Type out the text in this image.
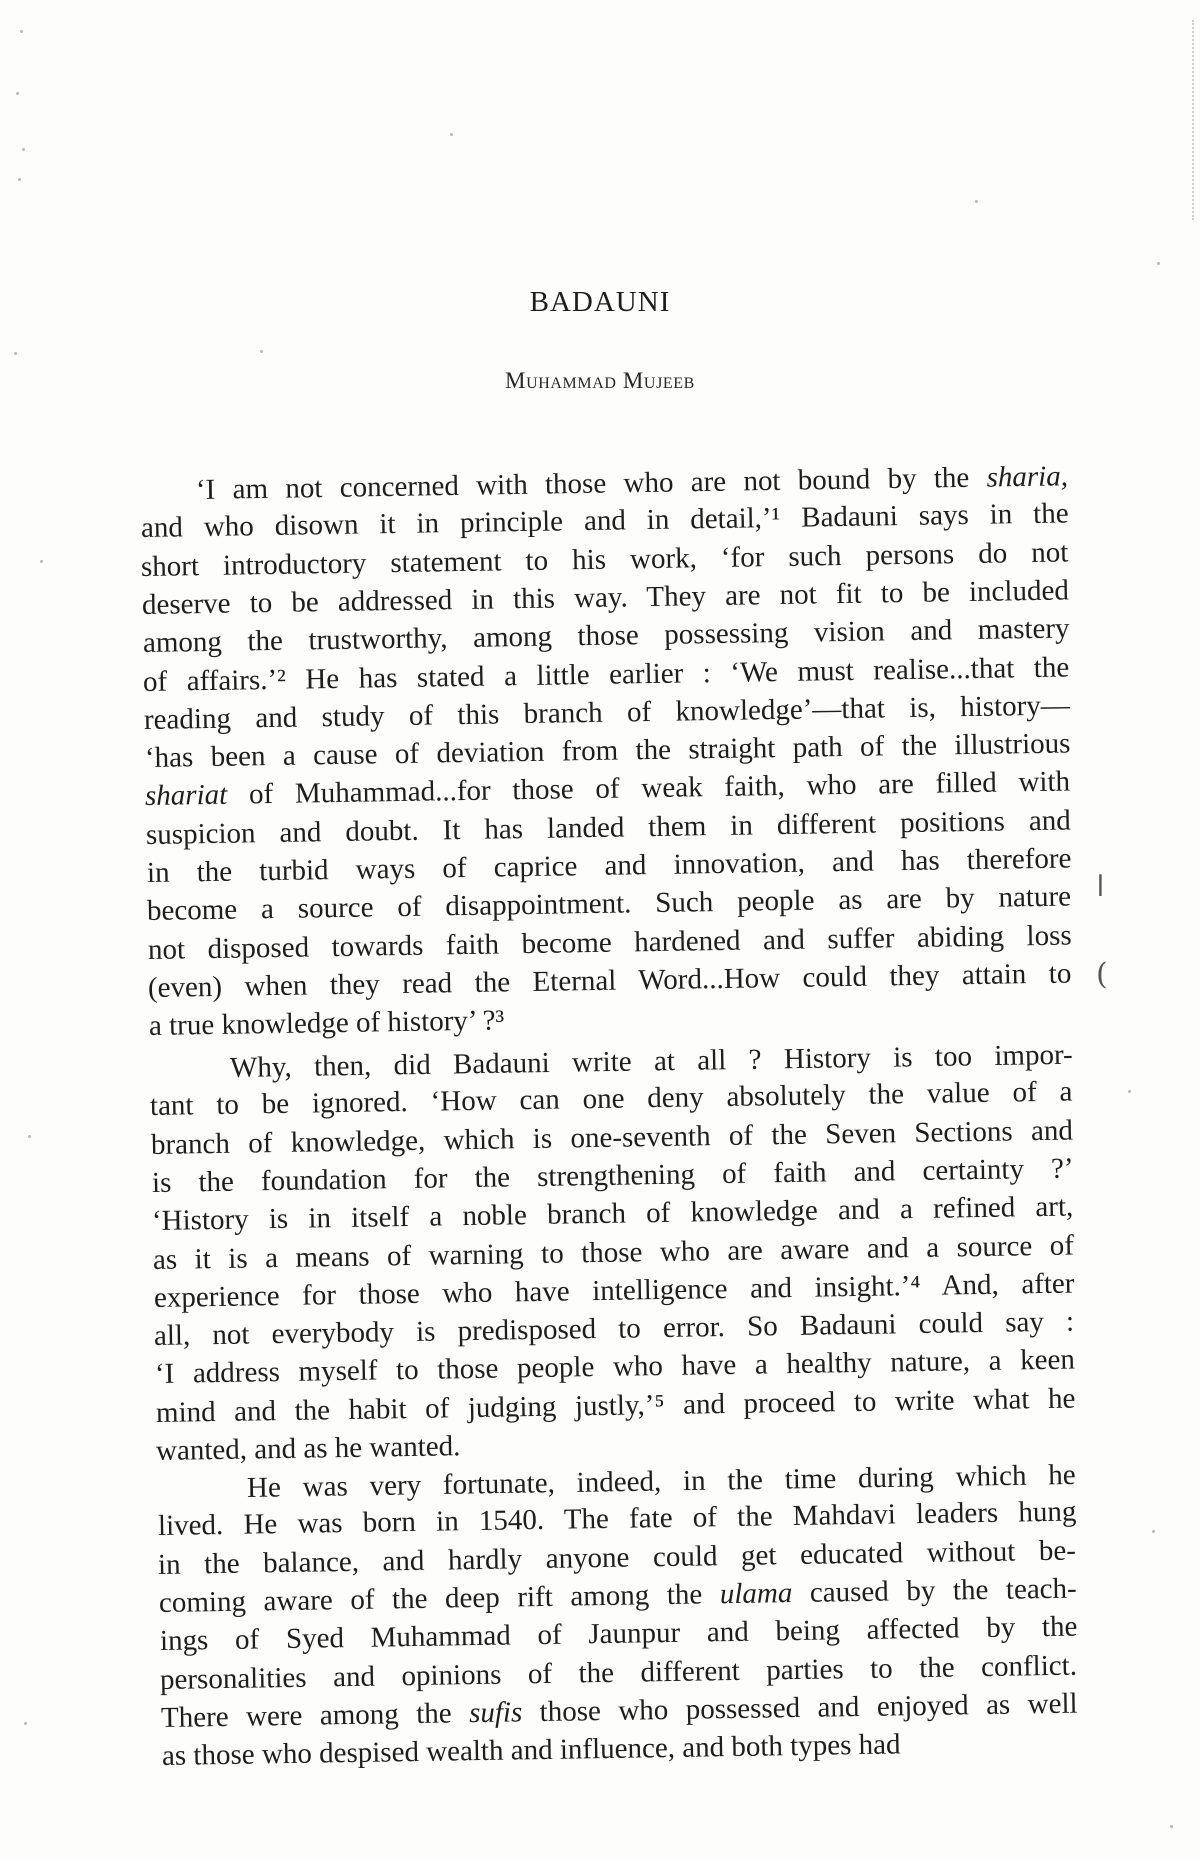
ǀ
(
BADAUNI
Muhammad Mujeeb
‘I am not concerned with those who are not bound by the sharia,
and who disown it in principle and in detail,’¹ Badauni says in the
short introductory statement to his work, ‘for such persons do not
deserve to be addressed in this way. They are not fit to be included
among the trustworthy, among those possessing vision and mastery
of affairs.’² He has stated a little earlier : ‘We must realise...that the
reading and study of this branch of knowledge’—that is, history—
‘has been a cause of deviation from the straight path of the illustrious
shariat of Muhammad...for those of weak faith, who are filled with
suspicion and doubt. It has landed them in different positions and
in the turbid ways of caprice and innovation, and has therefore
become a source of disappointment. Such people as are by nature
not disposed towards faith become hardened and suffer abiding loss
(even) when they read the Eternal Word...How could they attain to
a true knowledge of history’ ?³
Why, then, did Badauni write at all ? History is too impor-
tant to be ignored. ‘How can one deny absolutely the value of a
branch of knowledge, which is one-seventh of the Seven Sections and
is the foundation for the strengthening of faith and certainty ?’
‘History is in itself a noble branch of knowledge and a refined art,
as it is a means of warning to those who are aware and a source of
experience for those who have intelligence and insight.’⁴ And, after
all, not everybody is predisposed to error. So Badauni could say :
‘I address myself to those people who have a healthy nature, a keen
mind and the habit of judging justly,’⁵ and proceed to write what he
wanted, and as he wanted.
He was very fortunate, indeed, in the time during which he
lived. He was born in 1540. The fate of the Mahdavi leaders hung
in the balance, and hardly anyone could get educated without be-
coming aware of the deep rift among the ulama caused by the teach-
ings of Syed Muhammad of Jaunpur and being affected by the
personalities and opinions of the different parties to the conflict.
There were among the sufis those who possessed and enjoyed as well
as those who despised wealth and influence, and both types had
